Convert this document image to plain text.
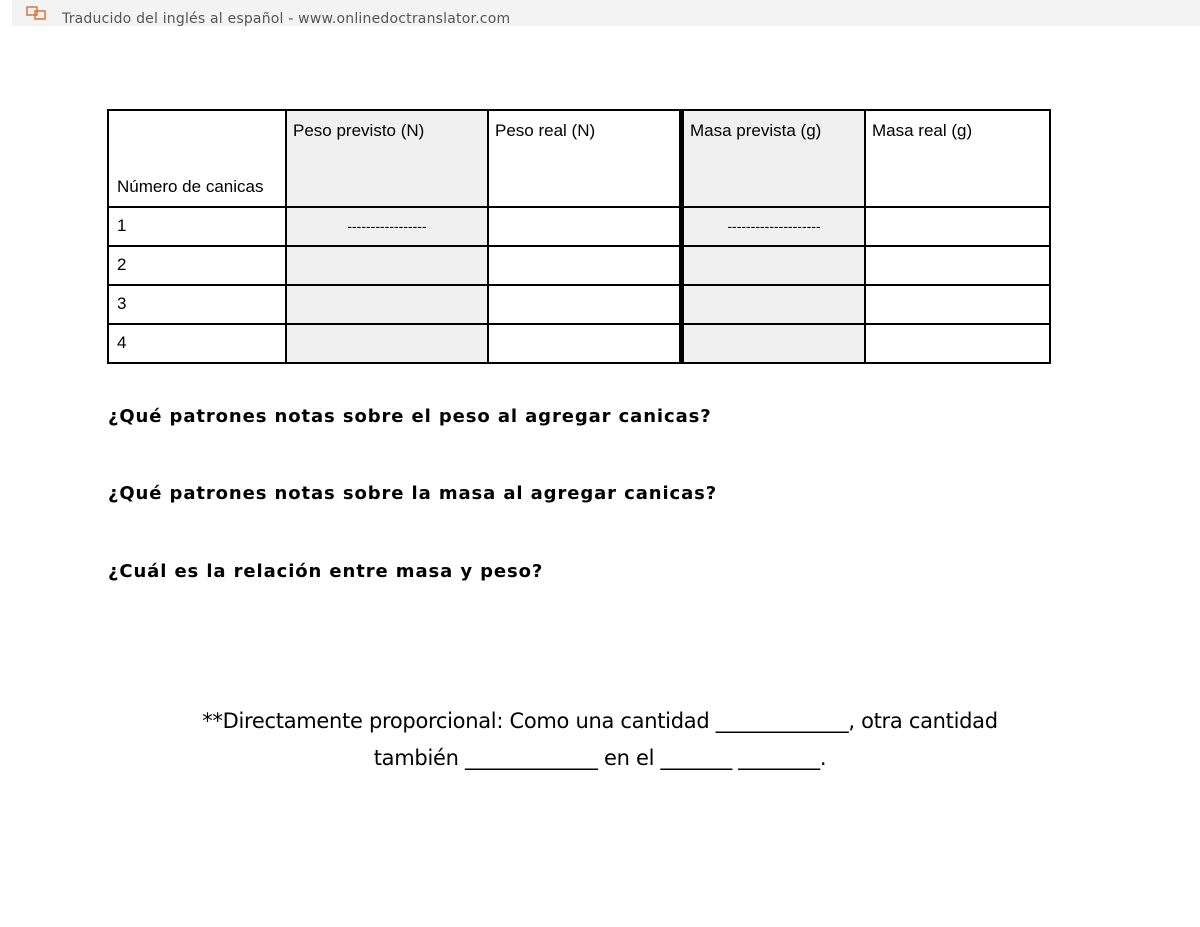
Traducido del inglés al español - www.onlinedoctranslator.com
Número de canicas	Peso previsto (N)	Peso real (N)	Masa prevista (g)	Masa real (g)

1	-----------------		--------------------	

2				

3				

4				

¿Qué patrones notas sobre el peso al agregar canicas?
¿Qué patrones notas sobre la masa al agregar canicas?
¿Cuál es la relación entre masa y peso?
**Directamente proporcional: Como una cantidad _____________, otra cantidad
también _____________ en el _______ ________.
